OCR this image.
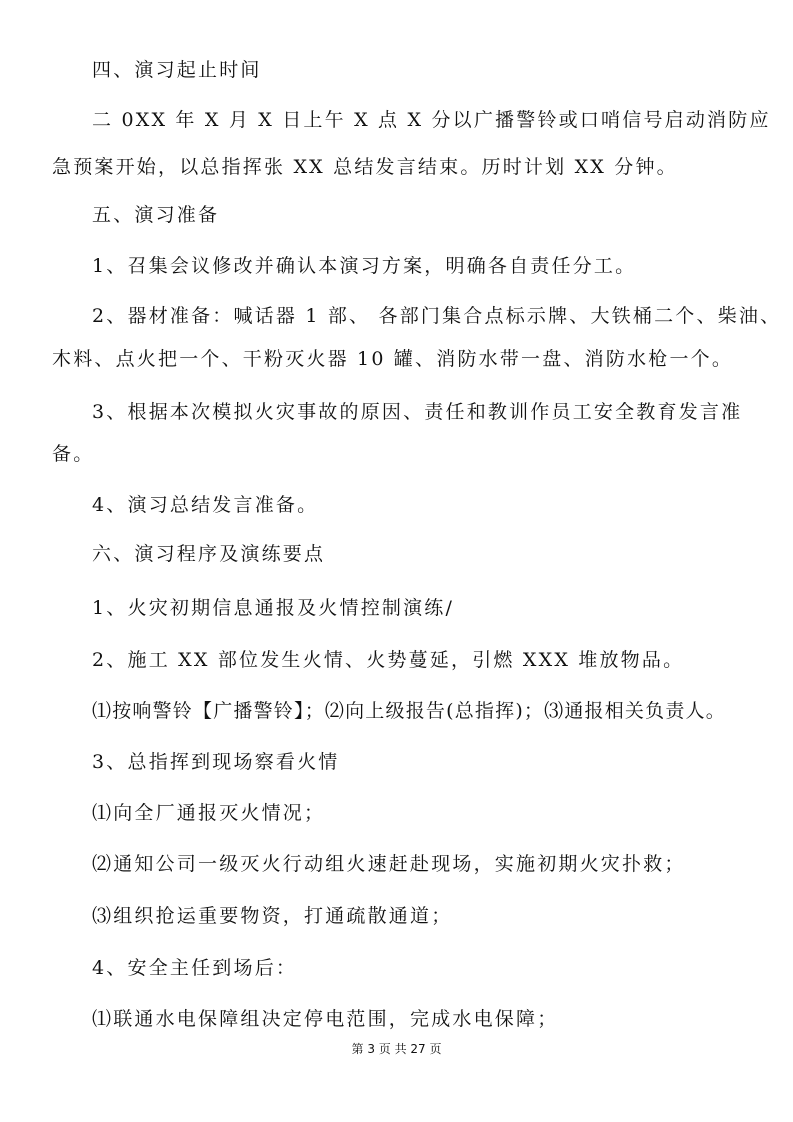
四、演习起止时间
二 0XX 年 X 月 X 日上午 X 点 X 分以广播警铃或口哨信号启动消防应
急预案开始，以总指挥张 XX 总结发言结束。历时计划 XX 分钟。
五、演习准备
1、召集会议修改并确认本演习方案，明确各自责任分工。
2、器材准备：喊话器 1 部、 各部门集合点标示牌、大铁桶二个、柴油、
木料、点火把一个、干粉灭火器 10 罐、消防水带一盘、消防水枪一个。
3、根据本次模拟火灾事故的原因、责任和教训作员工安全教育发言准
备。
4、演习总结发言准备。
六、演习程序及演练要点
1、火灾初期信息通报及火情控制演练/
2、施工 XX 部位发生火情、火势蔓延，引燃 XXX 堆放物品。
⑴按响警铃【广播警铃】；⑵向上级报告(总指挥)；⑶通报相关负责人。
3、总指挥到现场察看火情
⑴向全厂通报灭火情况；
⑵通知公司一级灭火行动组火速赶赴现场，实施初期火灾扑救；
⑶组织抢运重要物资，打通疏散通道；
4、安全主任到场后：
⑴联通水电保障组决定停电范围，完成水电保障；
第 3 页 共 27 页
